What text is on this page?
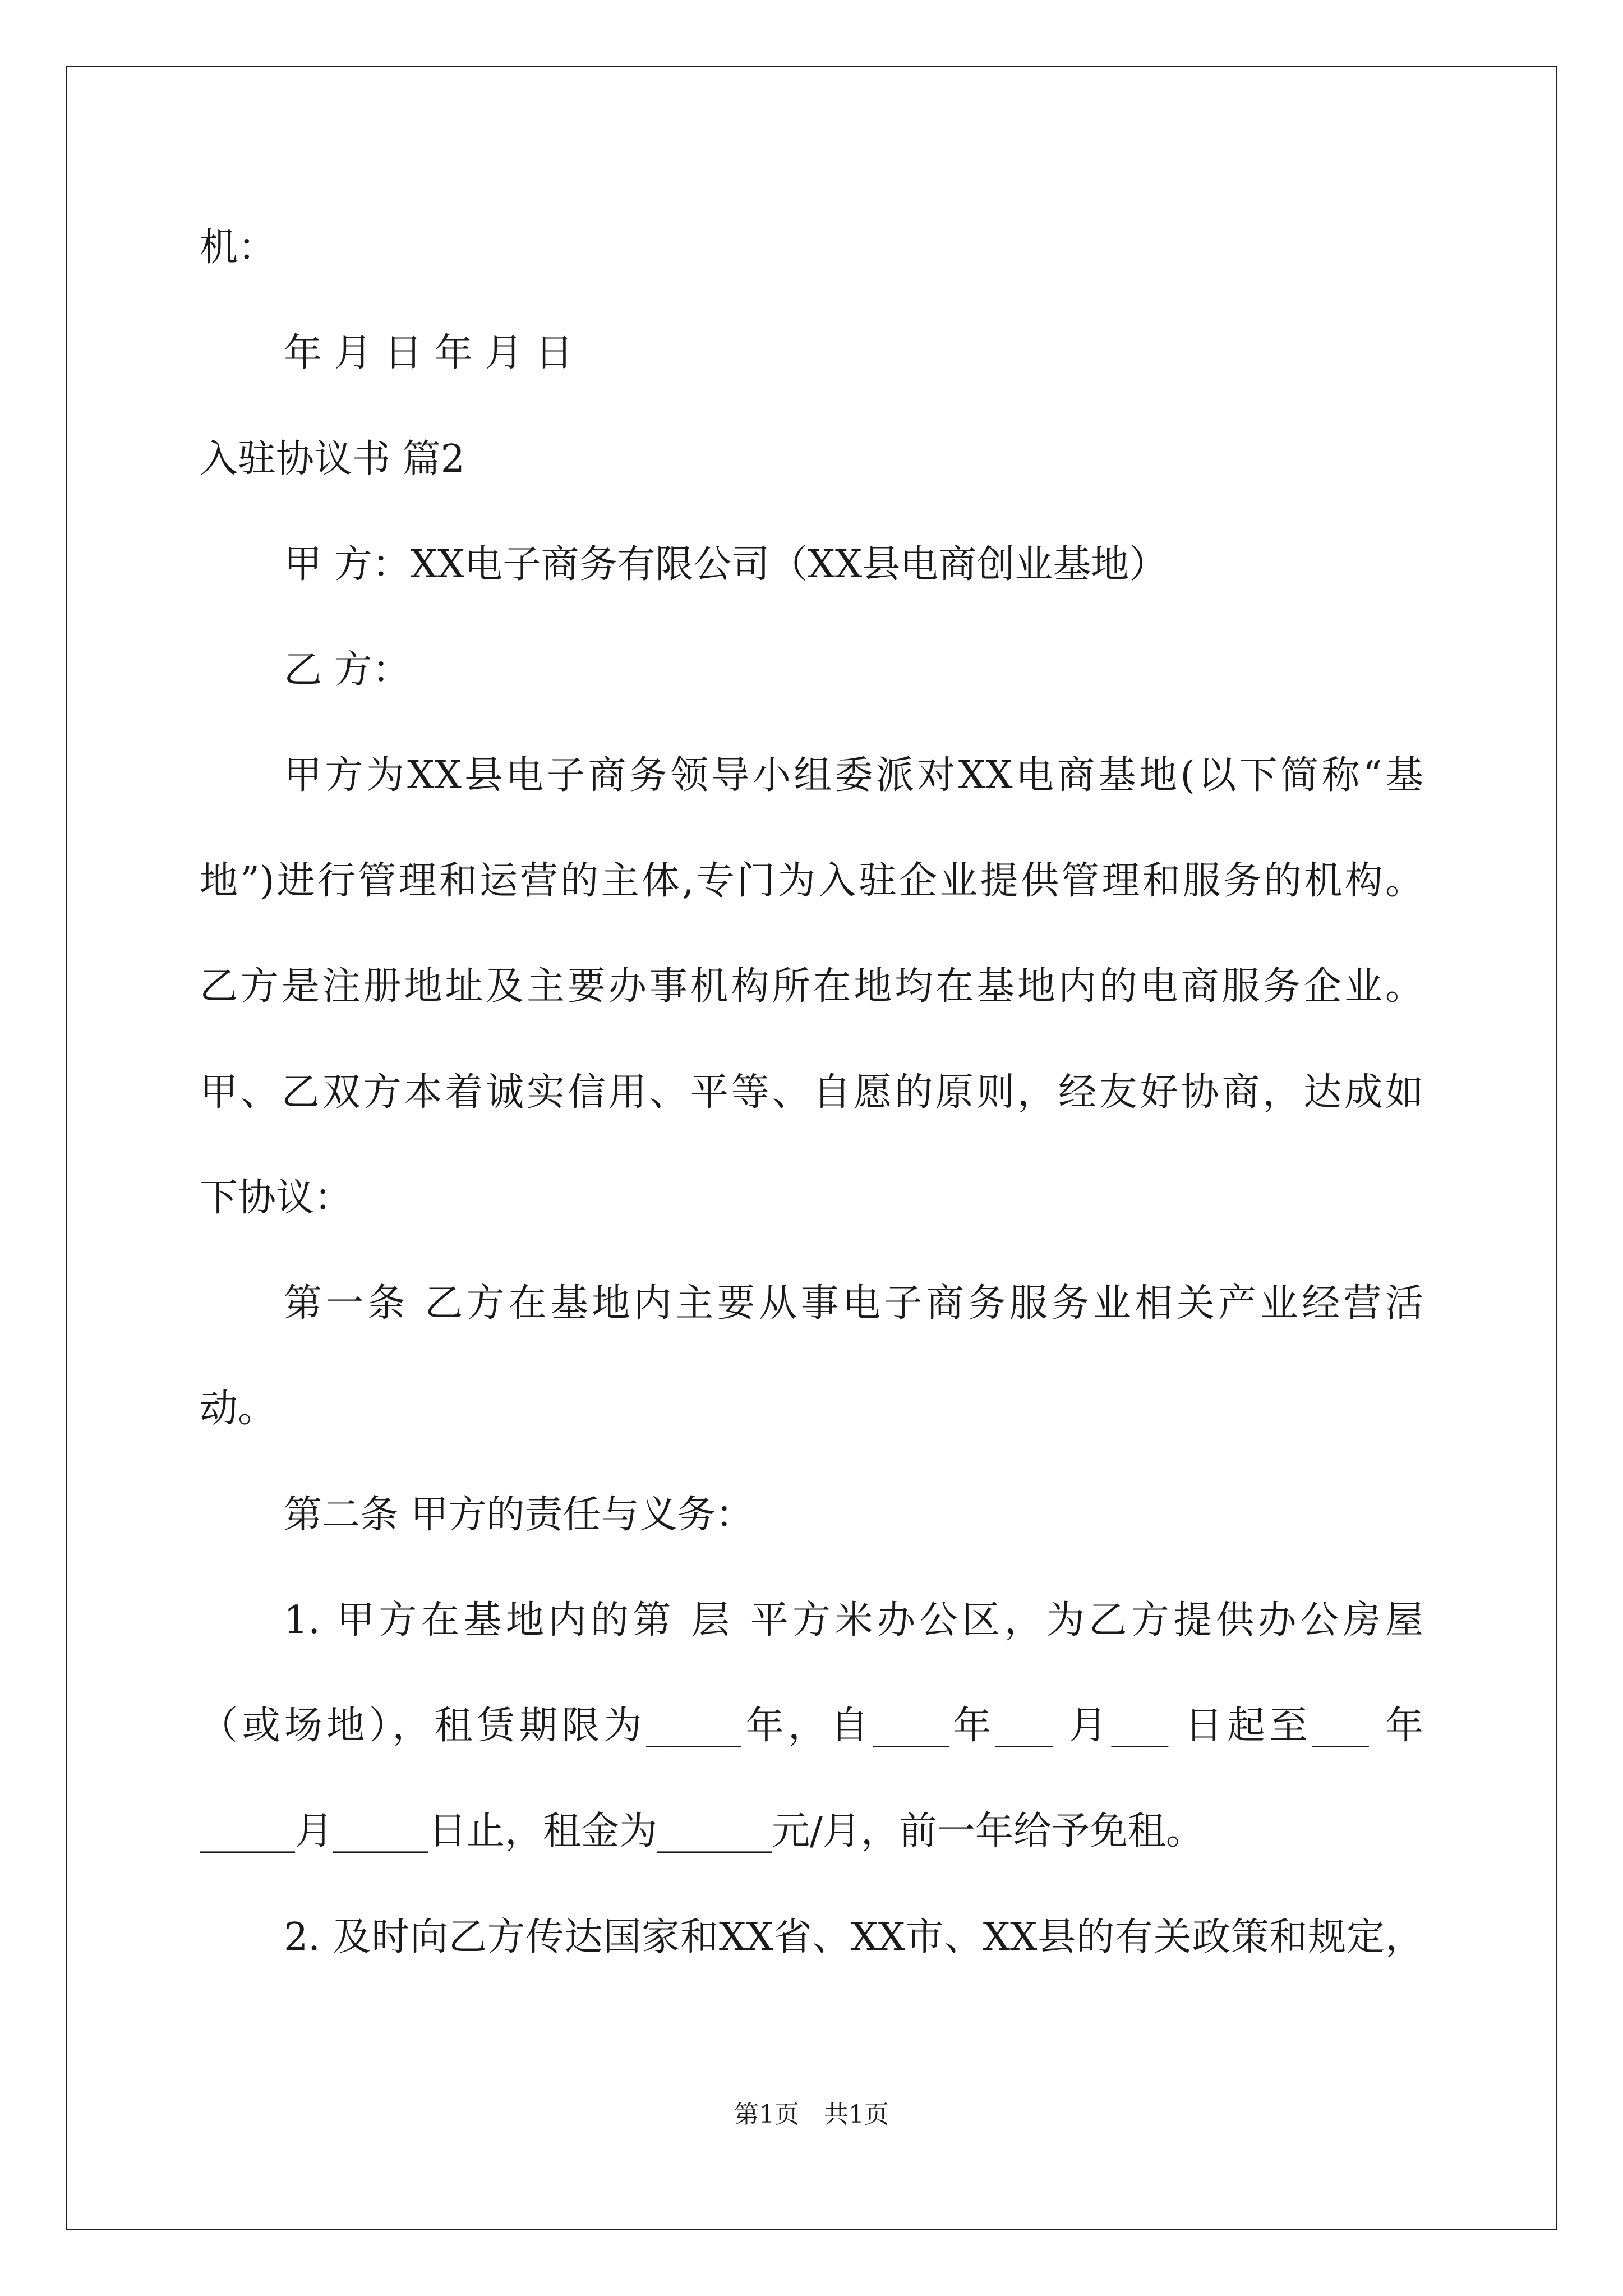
机：
年 月 日 年 月 日
入驻协议书 篇2
甲 方：XX电子商务有限公司（XX县电商创业基地）
乙 方：
甲方为XX县电子商务领导小组委派对XX电商基地(以下简称“基
地”)进行管理和运营的主体,专门为入驻企业提供管理和服务的机构。
乙方是注册地址及主要办事机构所在地均在基地内的电商服务企业。
甲、乙双方本着诚实信用、平等、自愿的原则，经友好协商，达成如
下协议：
第一条 乙方在基地内主要从事电子商务服务业相关产业经营活
动。
第二条 甲方的责任与义务：
1. 甲方在基地内的第 层 平方米办公区，为乙方提供办公房屋
（或场地），租赁期限为_____年，自____年___ 月___ 日起至___ 年
_____月_____日止，租金为______元/月，前一年给予免租。
2. 及时向乙方传达国家和XX省、XX市、XX县的有关政策和规定，
第1页　共1页
